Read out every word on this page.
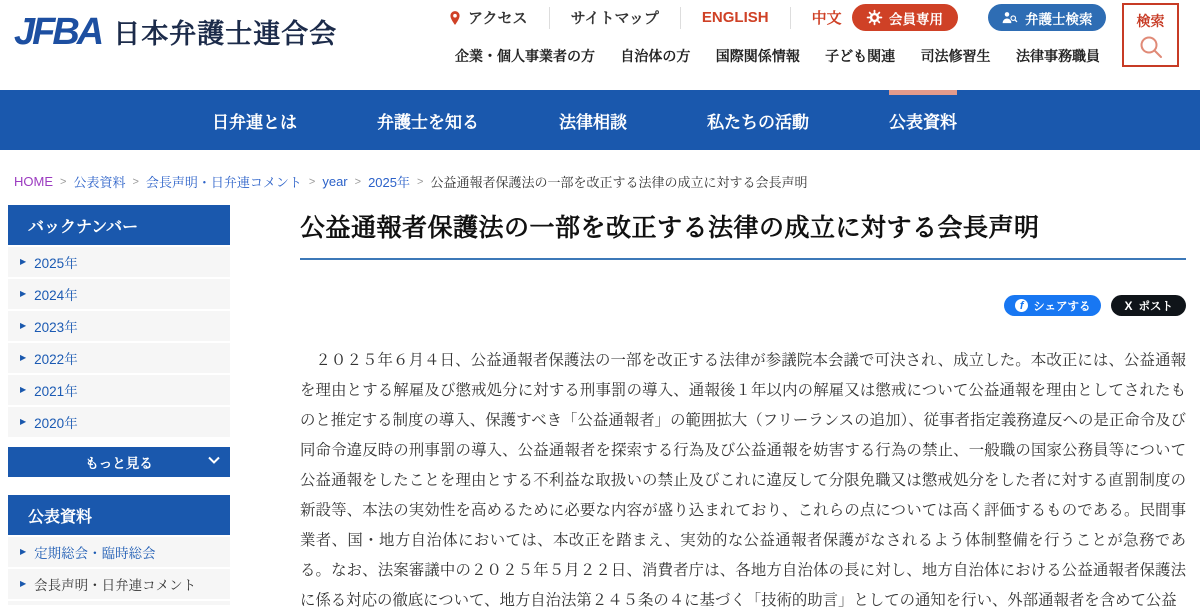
JFBA 日本弁護士連合会
アクセス	サイトマップ	ENGLISH	中文	会員専用	弁護士検索	検索
企業・個人事業者の方 自治体の方 国際関係情報 子ども関連 司法修習生 法律事務職員
日弁連とは	弁護士を知る	法律相談	私たちの活動	公表資料
HOME > 公表資料 > 会長声明・日弁連コメント > year > 2025年 > 公益通報者保護法の一部を改正する法律の成立に対する会長声明
バックナンバー
▶ 2025年
▶ 2024年
▶ 2023年
▶ 2022年
▶ 2021年
▶ 2020年
もっと見る
公表資料
▶ 定期総会・臨時総会
▶ 会長声明・日弁連コメント
公益通報者保護法の一部を改正する法律の成立に対する会長声明
f シェアする	X ポスト

２０２５年６月４日、公益通報者保護法の一部を改正する法律が参議院本会議で可決され、成立した。本改正には、公益通報を理由とする解雇及び懲戒処分に対する刑事罰の導入、通報後１年以内の解雇又は懲戒について公益通報を理由としてされたものと推定する制度の導入、保護すべき「公益通報者」の範囲拡大（フリーランスの追加）、従事者指定義務違反への是正命令及び同命令違反時の刑事罰の導入、公益通報者を探索する行為及び公益通報を妨害する行為の禁止、一般職の国家公務員等について公益通報をしたことを理由とする不利益な取扱いの禁止及びこれに違反して分限免職又は懲戒処分をした者に対する直罰制度の新設等、本法の実効性を高めるために必要な内容が盛り込まれており、これらの点については高く評価するものである。民間事業者、国・地方自治体においては、本改正を踏まえ、実効的な公益通報者保護がなされるよう体制整備を行うことが急務である。なお、法案審議中の２０２５年５月２２日、消費者庁は、各地方自治体の長に対し、地方自治体における公益通報者保護法に係る対応の徹底について、地方自治法第２４５条の４に基づく「技術的助言」としての通知を行い、外部通報者を含めて公益
